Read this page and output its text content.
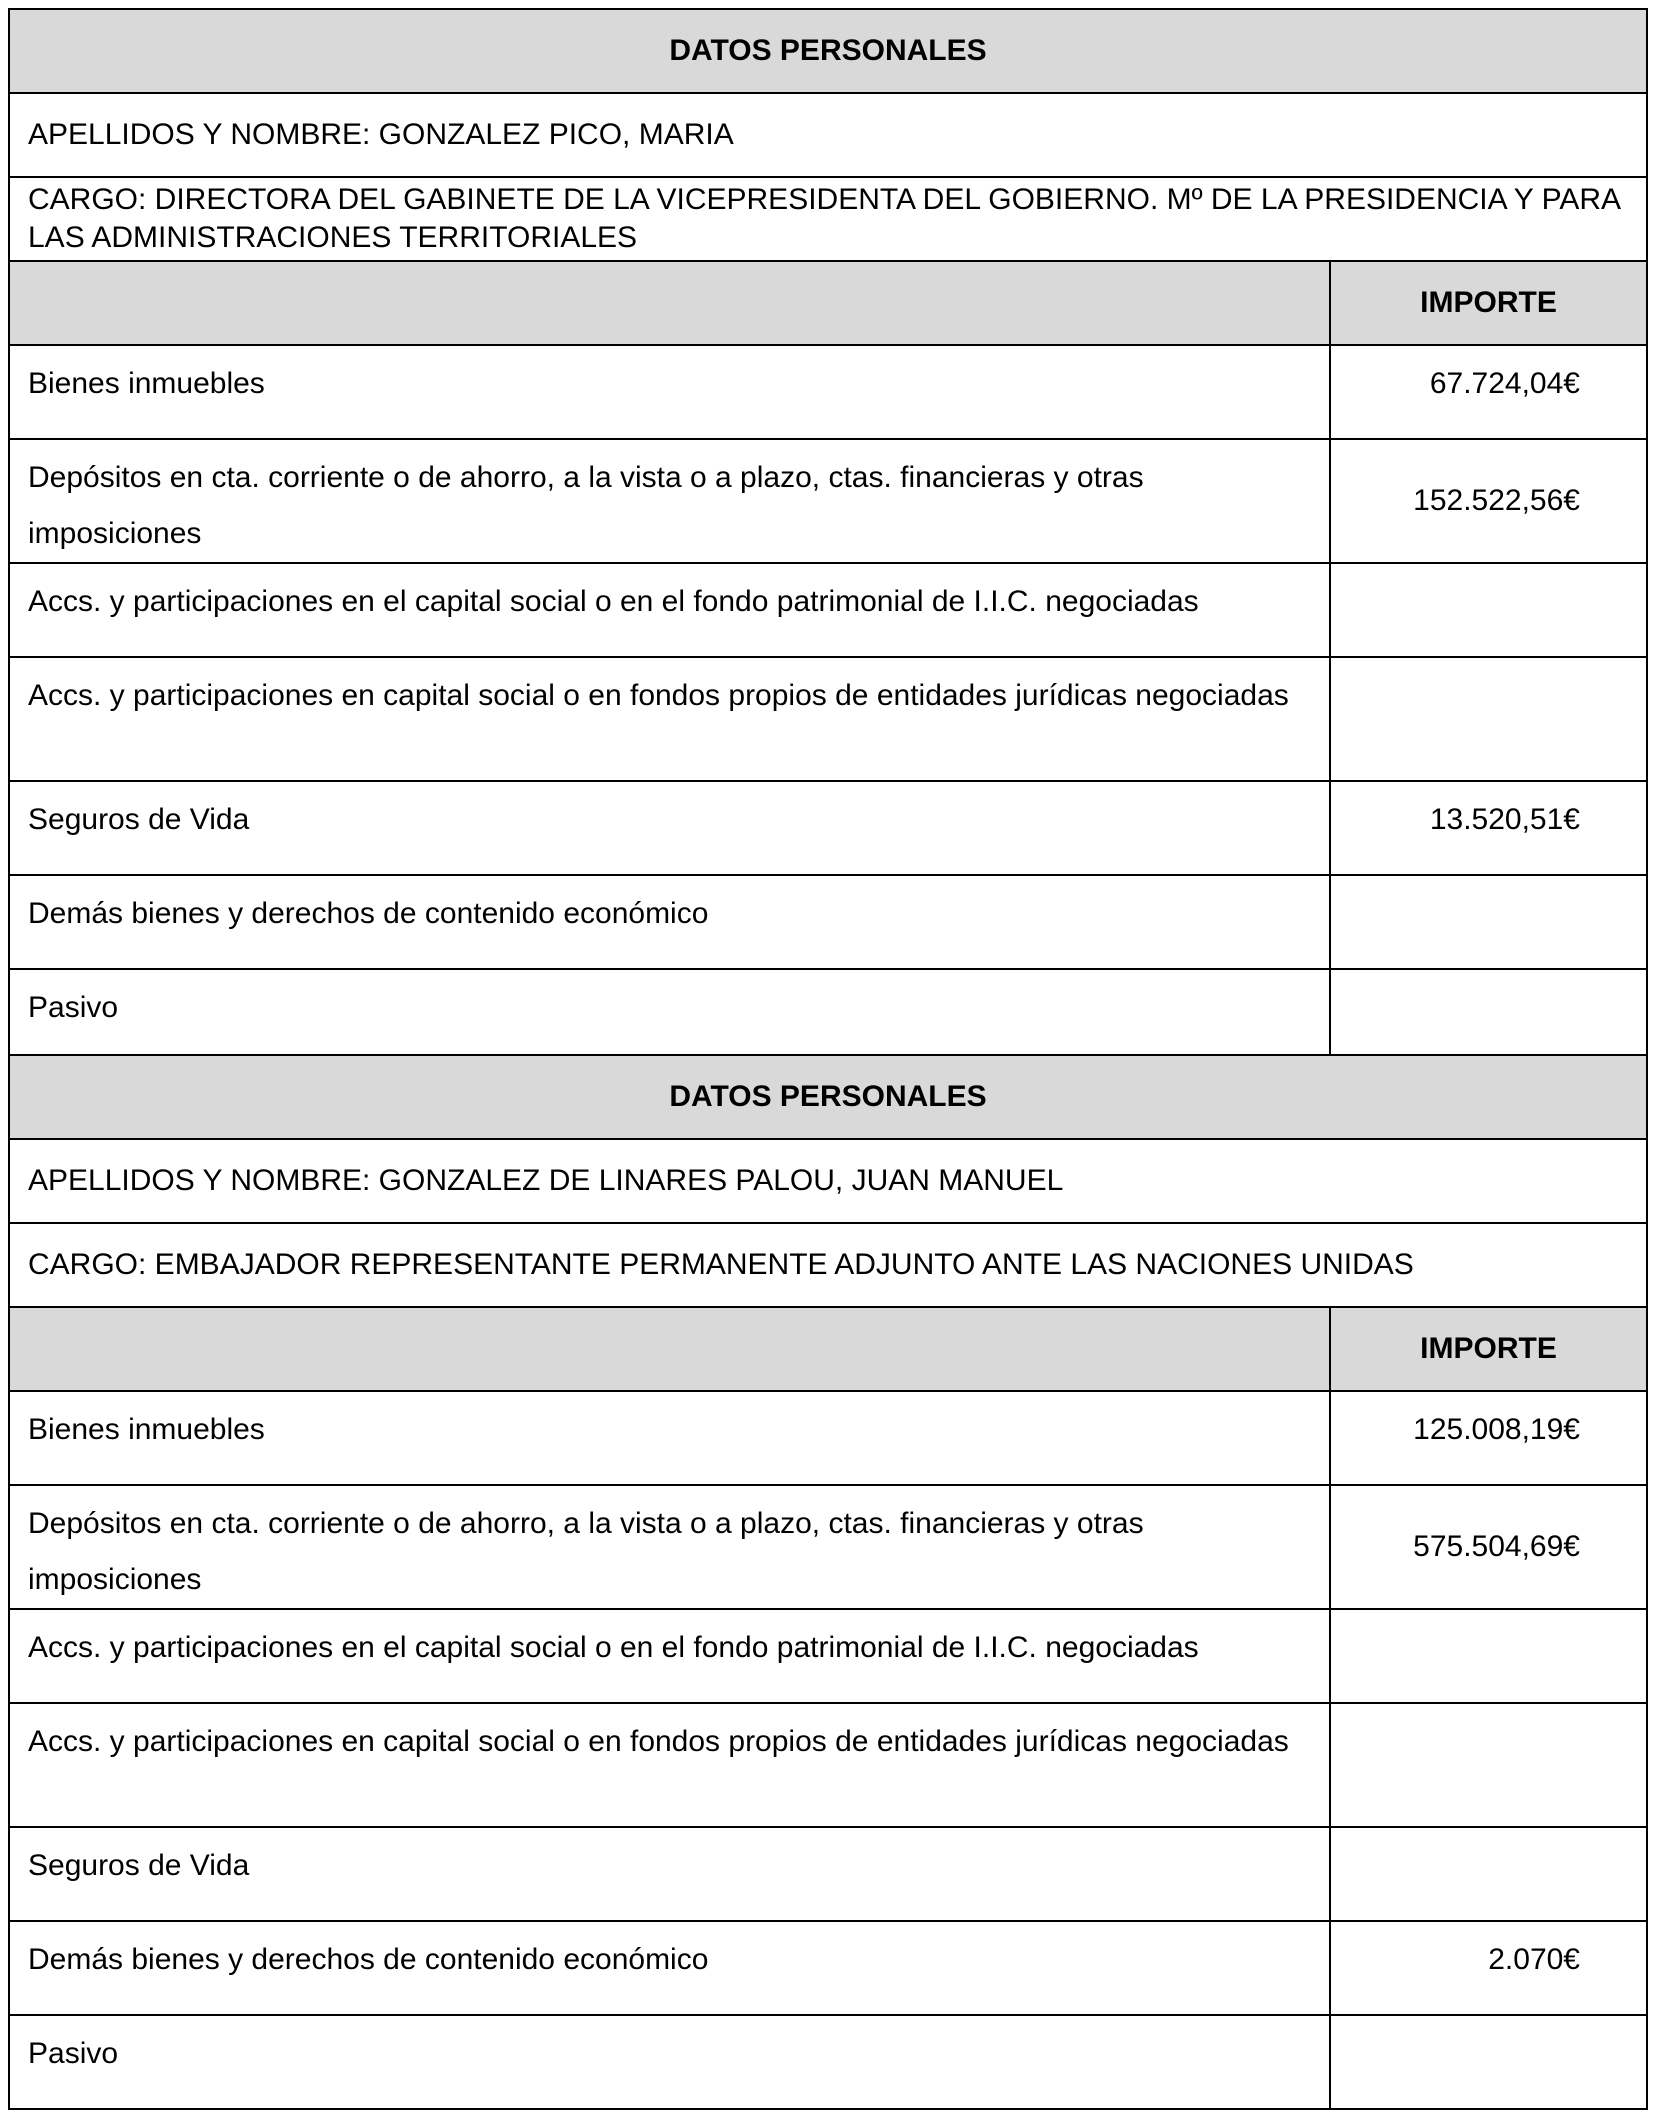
DATOS PERSONALES	
APELLIDOS Y NOMBRE: GONZALEZ PICO, MARIA	
CARGO: DIRECTORA DEL GABINETE DE LA VICEPRESIDENTA DEL GOBIERNO. Mº DE LA PRESIDENCIA Y PARA LAS ADMINISTRACIONES TERRITORIALES	
	IMPORTE
Bienes inmuebles	67.724,04€
Depósitos en cta. corriente o de ahorro, a la vista o a plazo, ctas. financieras y otras imposiciones	152.522,56€
Accs. y participaciones en el capital social o en el fondo patrimonial de I.I.C. negociadas	
Accs. y participaciones en capital social o en fondos propios de entidades jurídicas negociadas	
Seguros de Vida	13.520,51€
Demás bienes y derechos de contenido económico	
Pasivo	
DATOS PERSONALES	
APELLIDOS Y NOMBRE: GONZALEZ DE LINARES PALOU, JUAN MANUEL	
CARGO: EMBAJADOR REPRESENTANTE PERMANENTE ADJUNTO ANTE LAS NACIONES UNIDAS	
	IMPORTE
Bienes inmuebles	125.008,19€
Depósitos en cta. corriente o de ahorro, a la vista o a plazo, ctas. financieras y otras imposiciones	575.504,69€
Accs. y participaciones en el capital social o en el fondo patrimonial de I.I.C. negociadas	
Accs. y participaciones en capital social o en fondos propios de entidades jurídicas negociadas	
Seguros de Vida	
Demás bienes y derechos de contenido económico	2.070€
Pasivo	
